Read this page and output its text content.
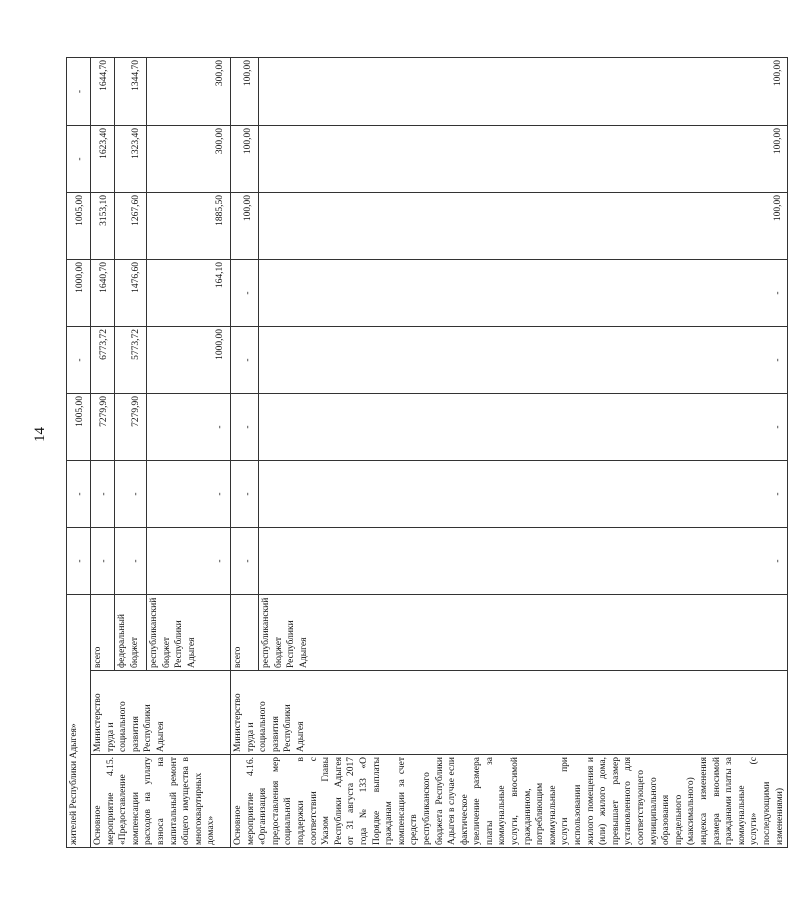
14
жителей Республики Адыгея»			-	-	1005,00	-	1000,00	1005,00	-	-
Основное мероприятие 4.15. «Предоставление компенсации расходов на уплату взноса на капитальный ремонт общего имущества в многоквартирных домах»	Министерство труда и социального развития Республики Адыгея	всего	-	-	7279,90	6773,72	1640,70	3153,10	1623,40	1644,70
		федеральный бюджет	-	-	7279,90	5773,72	1476,60	1267,60	1323,40	1344,70
		республиканский бюджет Республики Адыгея	-	-	-	1000,00	164,10	1885,50	300,00	300,00
Основное мероприятие 4.16. «Организация предоставления мер социальной поддержки в соответствии с Указом Главы Республики Адыгея от 31 августа 2017 года № 133 «О Порядке выплаты гражданам компенсации за счет средств республиканского бюджета Республики Адыгея в случае если фактическое увеличение размера платы за коммунальные услуги, вносимой гражданином, потребляющим коммунальные услуги при использовании жилого помещения и (или) жилого дома, превышает размер установленного для соответствующего муниципального образования предельного (максимального) индекса изменения размера вносимой гражданами платы за коммунальные услуги» (с последующими изменениями)	Министерство труда и социального развития Республики Адыгея	всего	-	-	-	-	-	100,00	100,00	100,00
		республиканский бюджет Республики Адыгея	-	-	-	-	-	100,00	100,00	100,00
